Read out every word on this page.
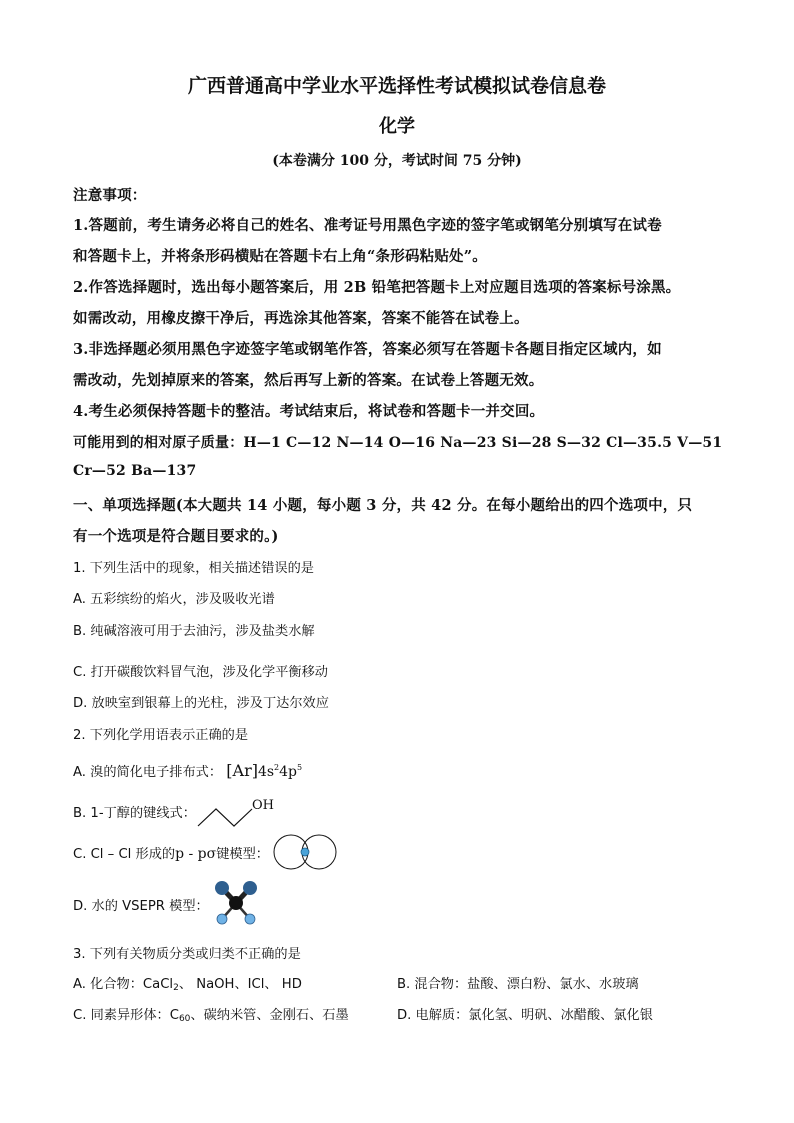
广西普通高中学业水平选择性考试模拟试卷信息卷
化学
(本卷满分 100 分，考试时间 75 分钟)
注意事项：
1.答题前，考生请务必将自己的姓名、准考证号用黑色字迹的签字笔或钢笔分别填写在试卷
和答题卡上，并将条形码横贴在答题卡右上角“条形码粘贴处”。
2.作答选择题时，选出每小题答案后，用 2B 铅笔把答题卡上对应题目选项的答案标号涂黑。
如需改动，用橡皮擦干净后，再选涂其他答案，答案不能答在试卷上。
3.非选择题必须用黑色字迹签字笔或钢笔作答，答案必须写在答题卡各题目指定区域内，如
需改动，先划掉原来的答案，然后再写上新的答案。在试卷上答题无效。
4.考生必须保持答题卡的整洁。考试结束后，将试卷和答题卡一并交回。
可能用到的相对原子质量：H—1 C—12 N—14 O—16 Na—23 Si—28 S—32 Cl—35.5 V—51
Cr—52 Ba—137
一、单项选择题(本大题共 14 小题，每小题 3 分，共 42 分。在每小题给出的四个选项中，只
有一个选项是符合题目要求的。)
1. 下列生活中的现象，相关描述错误的是
A. 五彩缤纷的焰火，涉及吸收光谱
B. 纯碱溶液可用于去油污，涉及盐类水解
C. 打开碳酸饮料冒气泡，涉及化学平衡移动
D. 放映室到银幕上的光柱，涉及丁达尔效应
2. 下列化学用语表示正确的是
A. 溴的简化电子排布式： $[Ar]4s^24p^5$
B. 1-丁醇的键线式：
OH
C. Cl – Cl 形成的p - pσ键模型：
D. 水的 VSEPR 模型：
3. 下列有关物质分类或归类不正确的是
A. 化合物：CaCl$_2$、 NaOH、ICl、 HD	B. 混合物：盐酸、漂白粉、氯水、水玻璃
C. 同素异形体：$C_{60}$、碳纳米管、金刚石、石墨	D. 电解质：氯化氢、明矾、冰醋酸、氯化银
